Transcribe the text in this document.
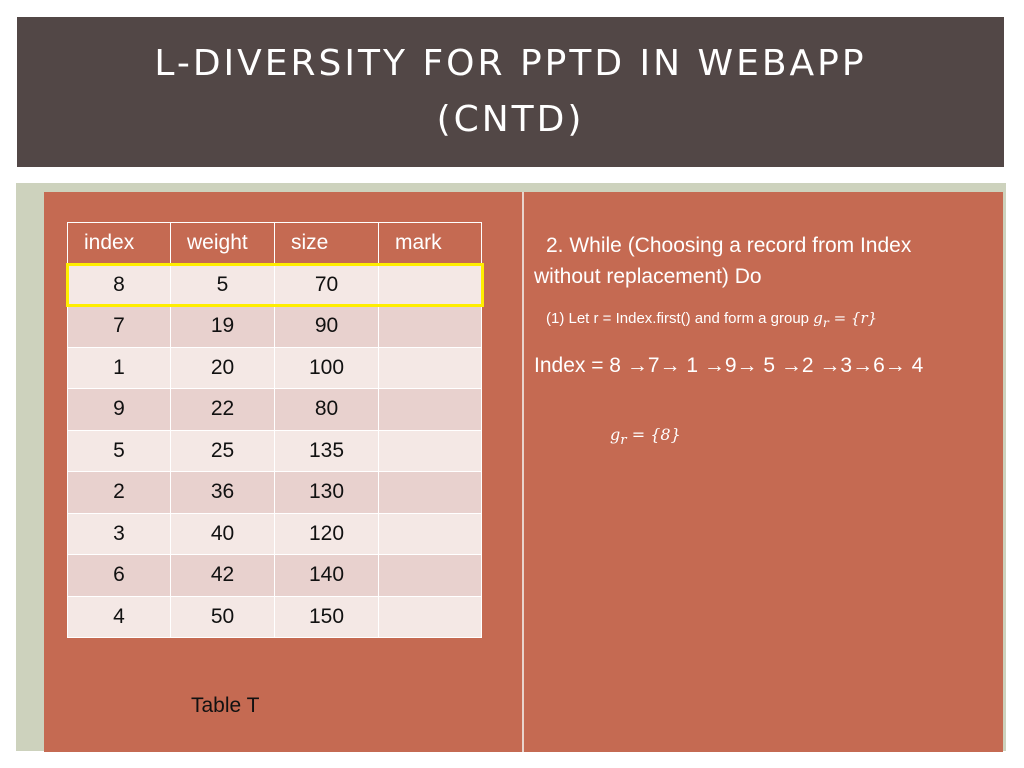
L-DIVERSITY FOR PPTD IN WEBAPP (CNTD)
index	weight	size	mark
8	5	70	
7	19	90	
1	20	100	
9	22	80	
5	25	135	
2	36	130	
3	40	120	
6	42	140	
4	50	150	
Table T
2. While (Choosing a record from Index
without replacement) Do
(1) Let r = Index.first() and form a group $g_r = \{r\}$
Index = 8 →7→ 1 →9→ 5 →2 →3→6→ 4
$g_r = \{8\}$
